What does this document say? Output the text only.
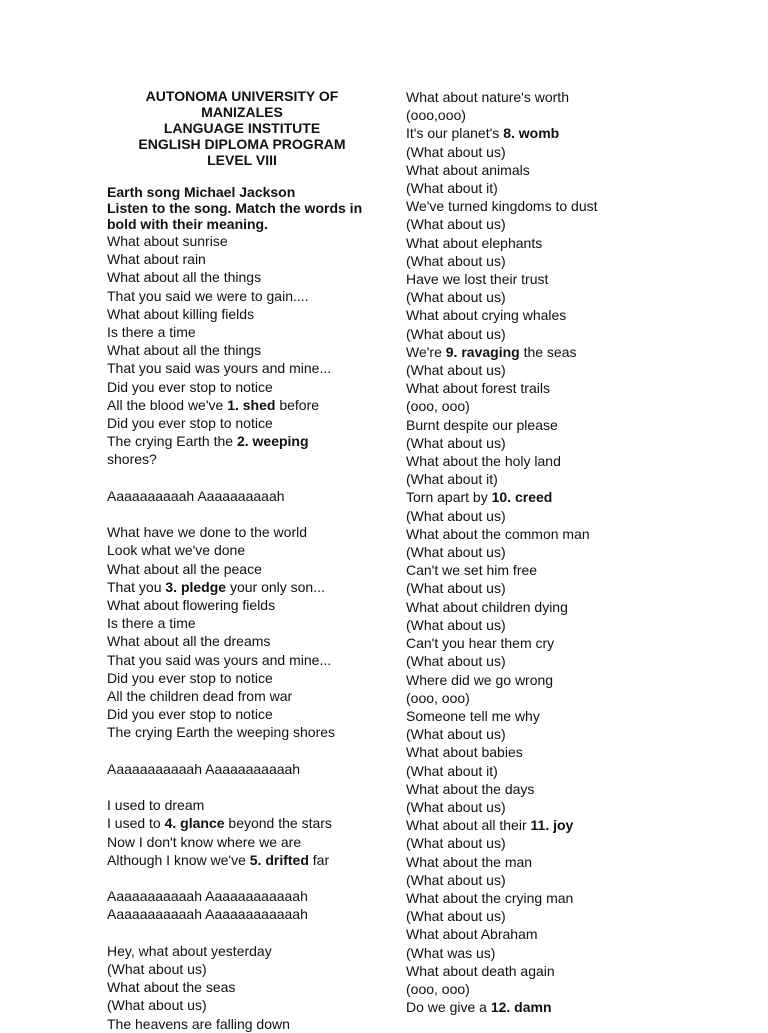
AUTONOMA UNIVERSITY OF MANIZALES
LANGUAGE INSTITUTE
ENGLISH DIPLOMA PROGRAM
LEVEL VIII
Earth song Michael Jackson
Listen to the song. Match the words in bold with their meaning.
What about sunrise
What about rain
What about all the things
That you said we were to gain....
What about killing fields
Is there a time
What about all the things
That you said was yours and mine...
Did you ever stop to notice
All the blood we've 1. shed before
Did you ever stop to notice
The crying Earth the 2. weeping
shores?
Aaaaaaaaaah Aaaaaaaaaah
What have we done to the world
Look what we've done
What about all the peace
That you 3. pledge your only son...
What about flowering fields
Is there a time
What about all the dreams
That you said was yours and mine...
Did you ever stop to notice
All the children dead from war
Did you ever stop to notice
The crying Earth the weeping shores
Aaaaaaaaaaah Aaaaaaaaaaah
I used to dream
I used to 4. glance beyond the stars
Now I don't know where we are
Although I know we've 5. drifted far
Aaaaaaaaaaah Aaaaaaaaaaaah
Aaaaaaaaaaah Aaaaaaaaaaaah
Hey, what about yesterday
(What about us)
What about the seas
(What about us)
The heavens are falling down
What about nature's worth
(ooo,ooo)
It's our planet's 8. womb
(What about us)
What about animals
(What about it)
We've turned kingdoms to dust
(What about us)
What about elephants
(What about us)
Have we lost their trust
(What about us)
What about crying whales
(What about us)
We're 9. ravaging the seas
(What about us)
What about forest trails
(ooo, ooo)
Burnt despite our please
(What about us)
What about the holy land
(What about it)
Torn apart by 10. creed
(What about us)
What about the common man
(What about us)
Can't we set him free
(What about us)
What about children dying
(What about us)
Can't you hear them cry
(What about us)
Where did we go wrong
(ooo, ooo)
Someone tell me why
(What about us)
What about babies
(What about it)
What about the days
(What about us)
What about all their 11. joy
(What about us)
What about the man
(What about us)
What about the crying man
(What about us)
What about Abraham
(What was us)
What about death again
(ooo, ooo)
Do we give a 12. damn
